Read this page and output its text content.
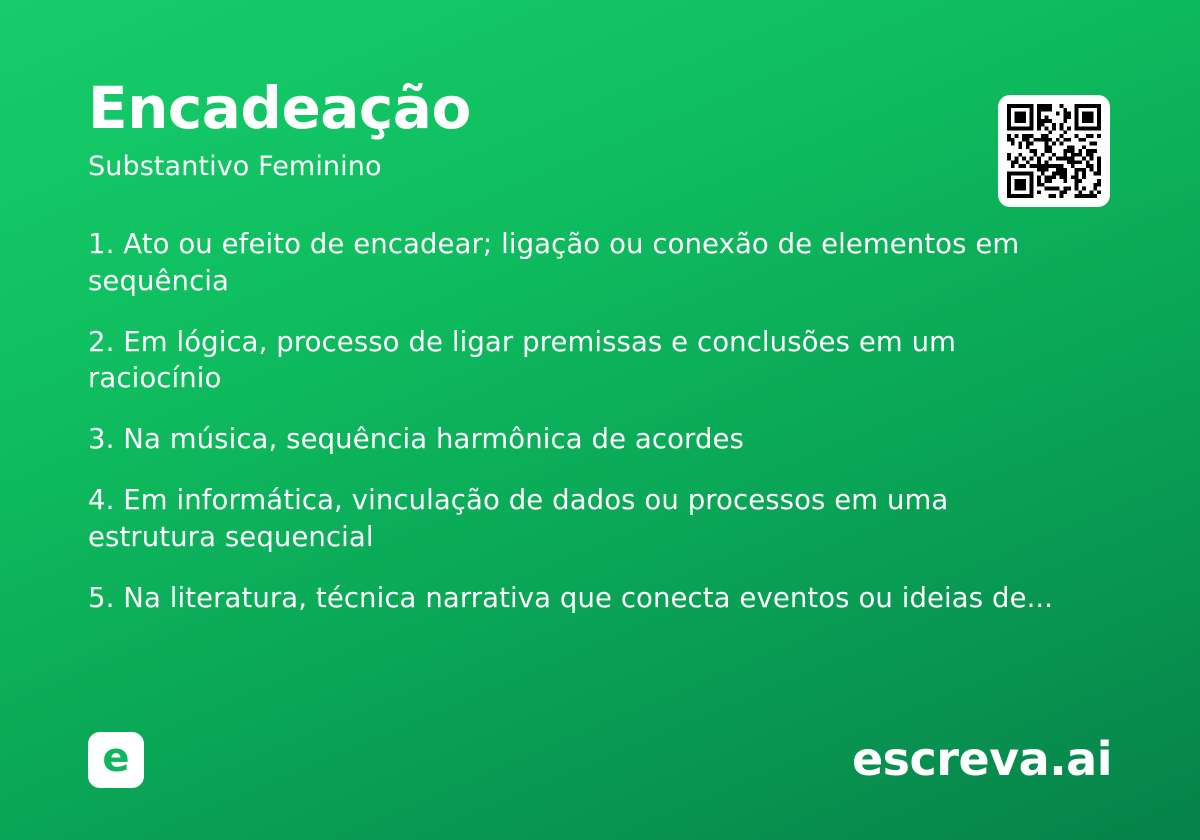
Encadeação
Substantivo Feminino
1. Ato ou efeito de encadear; ligação ou conexão de elementos em sequência
2. Em lógica, processo de ligar premissas e conclusões em um raciocínio
3. Na música, sequência harmônica de acordes
4. Em informática, vinculação de dados ou processos em uma estrutura sequencial
5. Na literatura, técnica narrativa que conecta eventos ou ideias de...
e	escreva.ai
